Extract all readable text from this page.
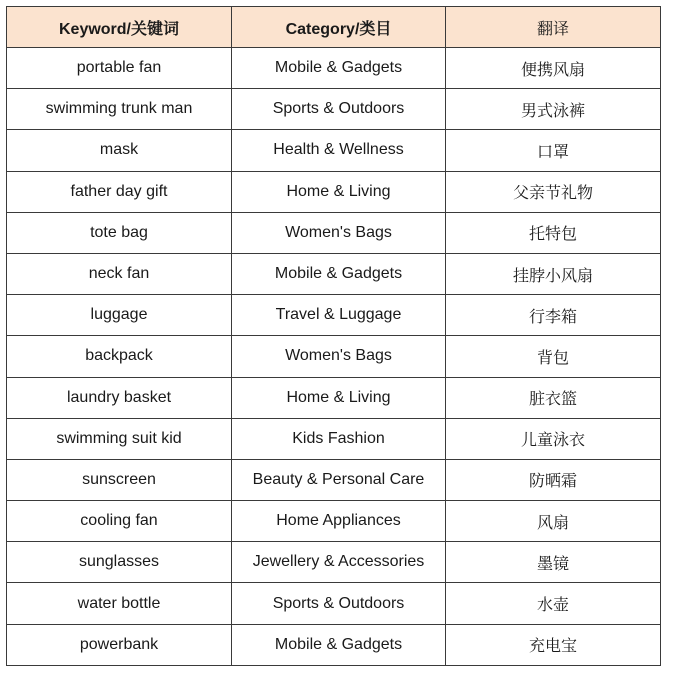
Keyword/关键词	Category/类目	翻译
portable fan	Mobile & Gadgets	便携风扇
swimming trunk man	Sports & Outdoors	男式泳裤
mask	Health & Wellness	口罩
father day gift	Home & Living	父亲节礼物
tote bag	Women's Bags	托特包
neck fan	Mobile & Gadgets	挂脖小风扇
luggage	Travel & Luggage	行李箱
backpack	Women's Bags	背包
laundry basket	Home & Living	脏衣篮
swimming suit kid	Kids Fashion	儿童泳衣
sunscreen	Beauty & Personal Care	防晒霜
cooling fan	Home Appliances	风扇
sunglasses	Jewellery & Accessories	墨镜
water bottle	Sports & Outdoors	水壶
powerbank	Mobile & Gadgets	充电宝
